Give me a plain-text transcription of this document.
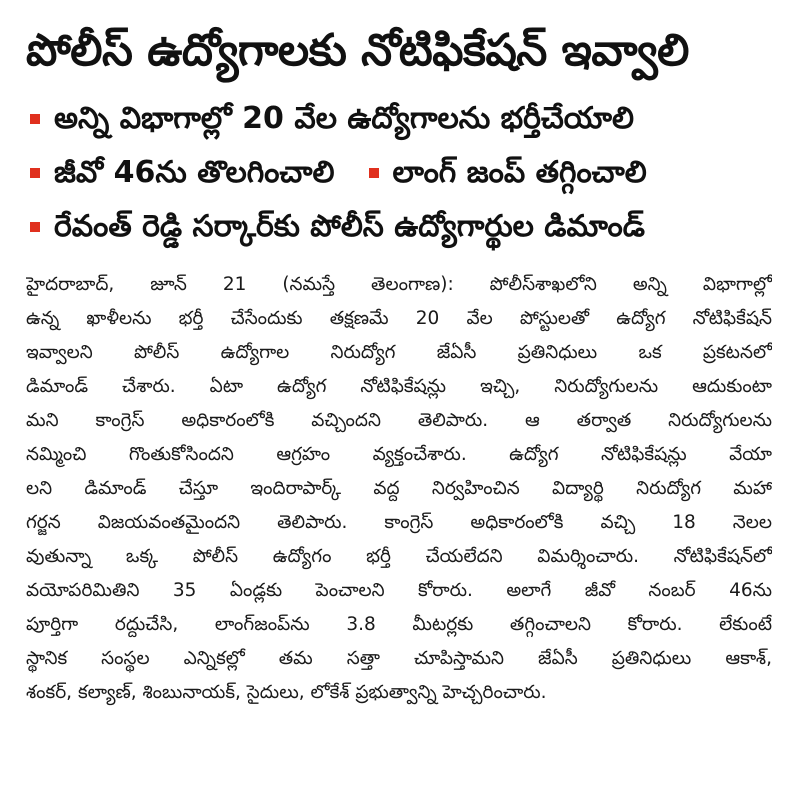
పోలీస్ ఉద్యోగాలకు నోటిఫికేషన్ ఇవ్వాలి
అన్ని విభాగాల్లో 20 వేల ఉద్యోగాలను భర్తీచేయాలి
జీవో 46ను తొలగించాలి లాంగ్ జంప్ తగ్గించాలి
రేవంత్ రెడ్డి సర్కార్‌కు పోలీస్ ఉద్యోగార్థుల డిమాండ్
హైదరాబాద్, జూన్ 21 (నమస్తే తెలంగాణ): పోలీస్‌శాఖలోని అన్ని విభాగాల్లో
ఉన్న ఖాళీలను భర్తీ చేసేందుకు తక్షణమే 20 వేల పోస్టులతో ఉద్యోగ నోటిఫికేషన్
ఇవ్వాలని పోలీస్ ఉద్యోగాల నిరుద్యోగ జేఏసీ ప్రతినిధులు ఒక ప్రకటనలో
డిమాండ్ చేశారు. ఏటా ఉద్యోగ నోటిఫికేషన్లు ఇచ్చి, నిరుద్యోగులను ఆదుకుంటా
మని కాంగ్రెస్ అధికారంలోకి వచ్చిందని తెలిపారు. ఆ తర్వాత నిరుద్యోగులను
నమ్మించి గొంతుకోసిందని ఆగ్రహం వ్యక్తంచేశారు. ఉద్యోగ నోటిఫికేషన్లు వేయా
లని డిమాండ్ చేస్తూ ఇందిరాపార్క్ వద్ద నిర్వహించిన విద్యార్థి నిరుద్యోగ మహా
గర్జన విజయవంతమైందని తెలిపారు. కాంగ్రెస్ అధికారంలోకి వచ్చి 18 నెలల
వుతున్నా ఒక్క పోలీస్ ఉద్యోగం భర్తీ చేయలేదని విమర్శించారు. నోటిఫికేషన్‌లో
వయోపరిమితిని 35 ఏండ్లకు పెంచాలని కోరారు. అలాగే జీవో నంబర్ 46ను
పూర్తిగా రద్దుచేసి, లాంగ్‌జంప్‌ను 3.8 మీటర్లకు తగ్గించాలని కోరారు. లేకుంటే
స్థానిక సంస్థల ఎన్నికల్లో తమ సత్తా చూపిస్తామని జేఏసీ ప్రతినిధులు ఆకాశ్,
శంకర్, కల్యాణ్, శింబునాయక్, సైదులు, లోకేశ్ ప్రభుత్వాన్ని హెచ్చరించారు.
